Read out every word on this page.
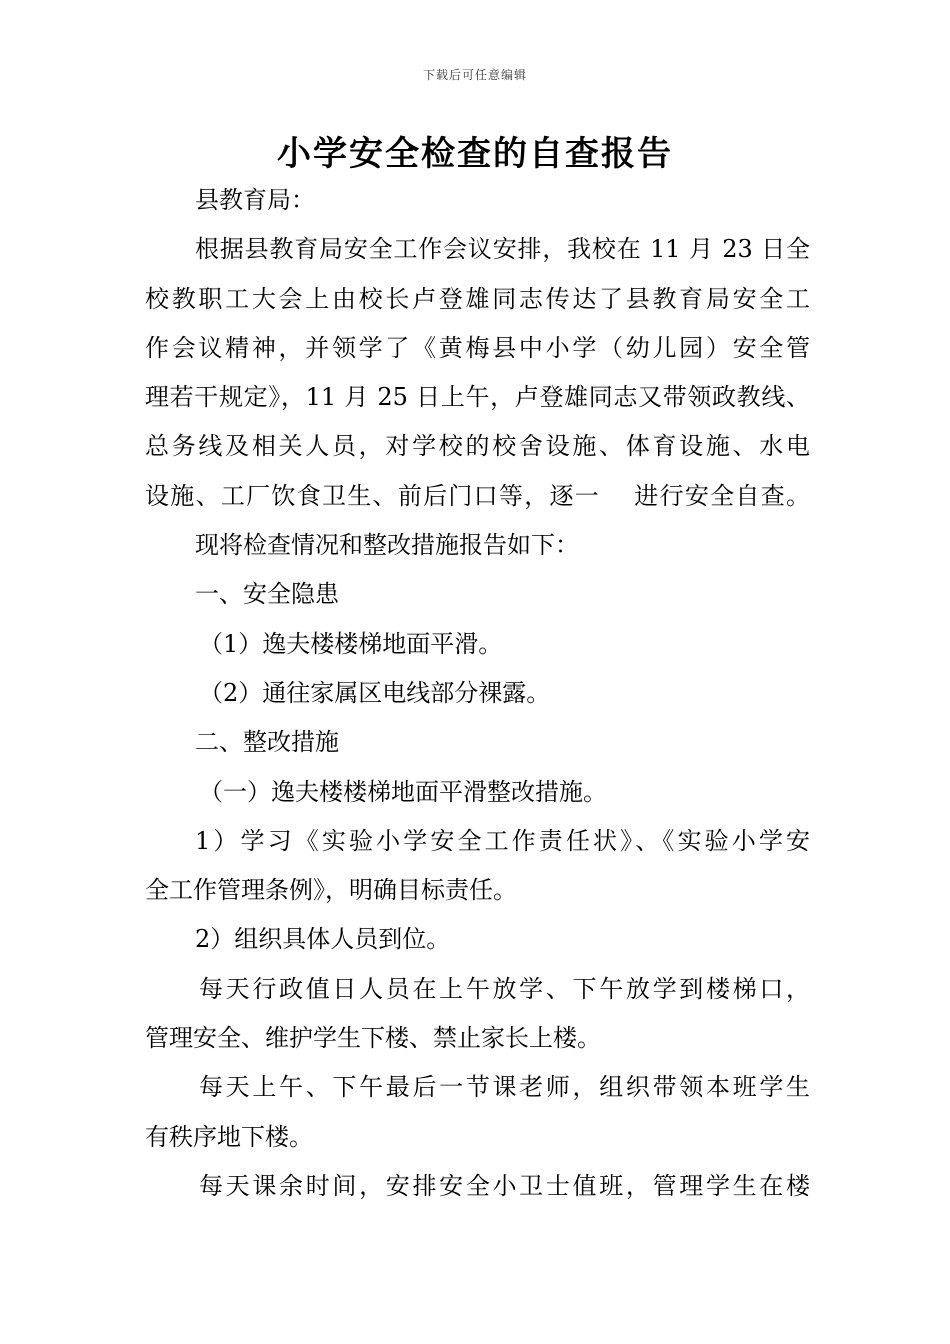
下载后可任意编辑
小学安全检查的自查报告
县教育局：
根据县教育局安全工作会议安排，我校在 11 月 23 日全
校教职工大会上由校长卢登雄同志传达了县教育局安全工
作会议精神，并领学了《黄梅县中小学（幼儿园）安全管
理若干规定》，11 月 25 日上午，卢登雄同志又带领政教线、
总务线及相关人员，对学校的校舍设施、体育设施、水电
设施、工厂饮食卫生、前后门口等，逐一　 进行安全自查。
现将检查情况和整改措施报告如下：
一、安全隐患
（1）逸夫楼楼梯地面平滑。
（2）通往家属区电线部分裸露。
二、整改措施
（一）逸夫楼楼梯地面平滑整改措施。
1）学习《实验小学安全工作责任状》、《实验小学安
全工作管理条例》，明确目标责任。
2）组织具体人员到位。
每天行政值日人员在上午放学、下午放学到楼梯口，
管理安全、维护学生下楼、禁止家长上楼。
每天上午、下午最后一节课老师，组织带领本班学生
有秩序地下楼。
每天课余时间，安排安全小卫士值班，管理学生在楼
